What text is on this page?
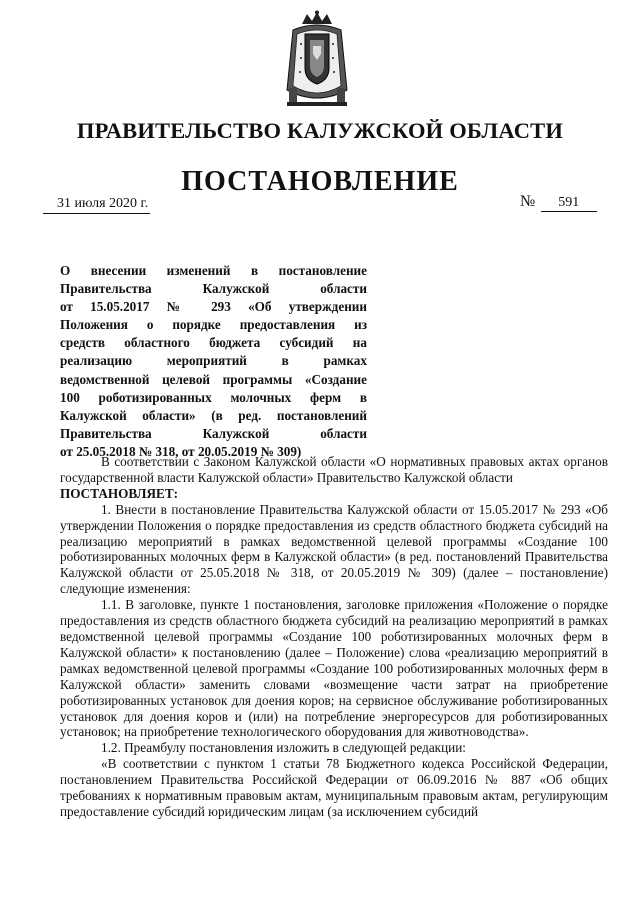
ПРАВИТЕЛЬСТВО КАЛУЖСКОЙ ОБЛАСТИ
ПОСТАНОВЛЕНИЕ
31 июля 2020 г.	№ 591
О внесении изменений в постановление
Правительства Калужской области
от 15.05.2017 № 293 «Об утверждении
Положения о порядке предоставления из
средств областного бюджета субсидий на
реализацию мероприятий в рамках
ведомственной целевой программы «Создание
100 роботизированных молочных ферм в
Калужской области» (в ред. постановлений
Правительства Калужской области
от 25.05.2018 № 318, от 20.05.2019 № 309)

В соответствии с Законом Калужской области «О нормативных правовых актах органов государственной власти Калужской области» Правительство Калужской области

ПОСТАНОВЛЯЕТ:

1. Внести в постановление Правительства Калужской области от 15.05.2017 № 293 «Об утверждении Положения о порядке предоставления из средств областного бюджета субсидий на реализацию мероприятий в рамках ведомственной целевой программы «Создание 100 роботизированных молочных ферм в Калужской области» (в ред. постановлений Правительства Калужской области от 25.05.2018 № 318, от 20.05.2019 № 309) (далее – постановление) следующие изменения:

1.1. В заголовке, пункте 1 постановления, заголовке приложения «Положение о порядке предоставления из средств областного бюджета субсидий на реализацию мероприятий в рамках ведомственной целевой программы «Создание 100 роботизированных молочных ферм в Калужской области» к постановлению (далее – Положение) слова «реализацию мероприятий в рамках ведомственной целевой программы «Создание 100 роботизированных молочных ферм в Калужской области» заменить словами «возмещение части затрат на приобретение роботизированных установок для доения коров; на сервисное обслуживание роботизированных установок для доения коров и (или) на потребление энергоресурсов для роботизированных установок; на приобретение технологического оборудования для животноводства».

1.2. Преамбулу постановления изложить в следующей редакции:

«В соответствии с пунктом 1 статьи 78 Бюджетного кодекса Российской Федерации, постановлением Правительства Российской Федерации от 06.09.2016 № 887 «Об общих требованиях к нормативным правовым актам, муниципальным правовым актам, регулирующим предоставление субсидий юридическим лицам (за исключением субсидий
